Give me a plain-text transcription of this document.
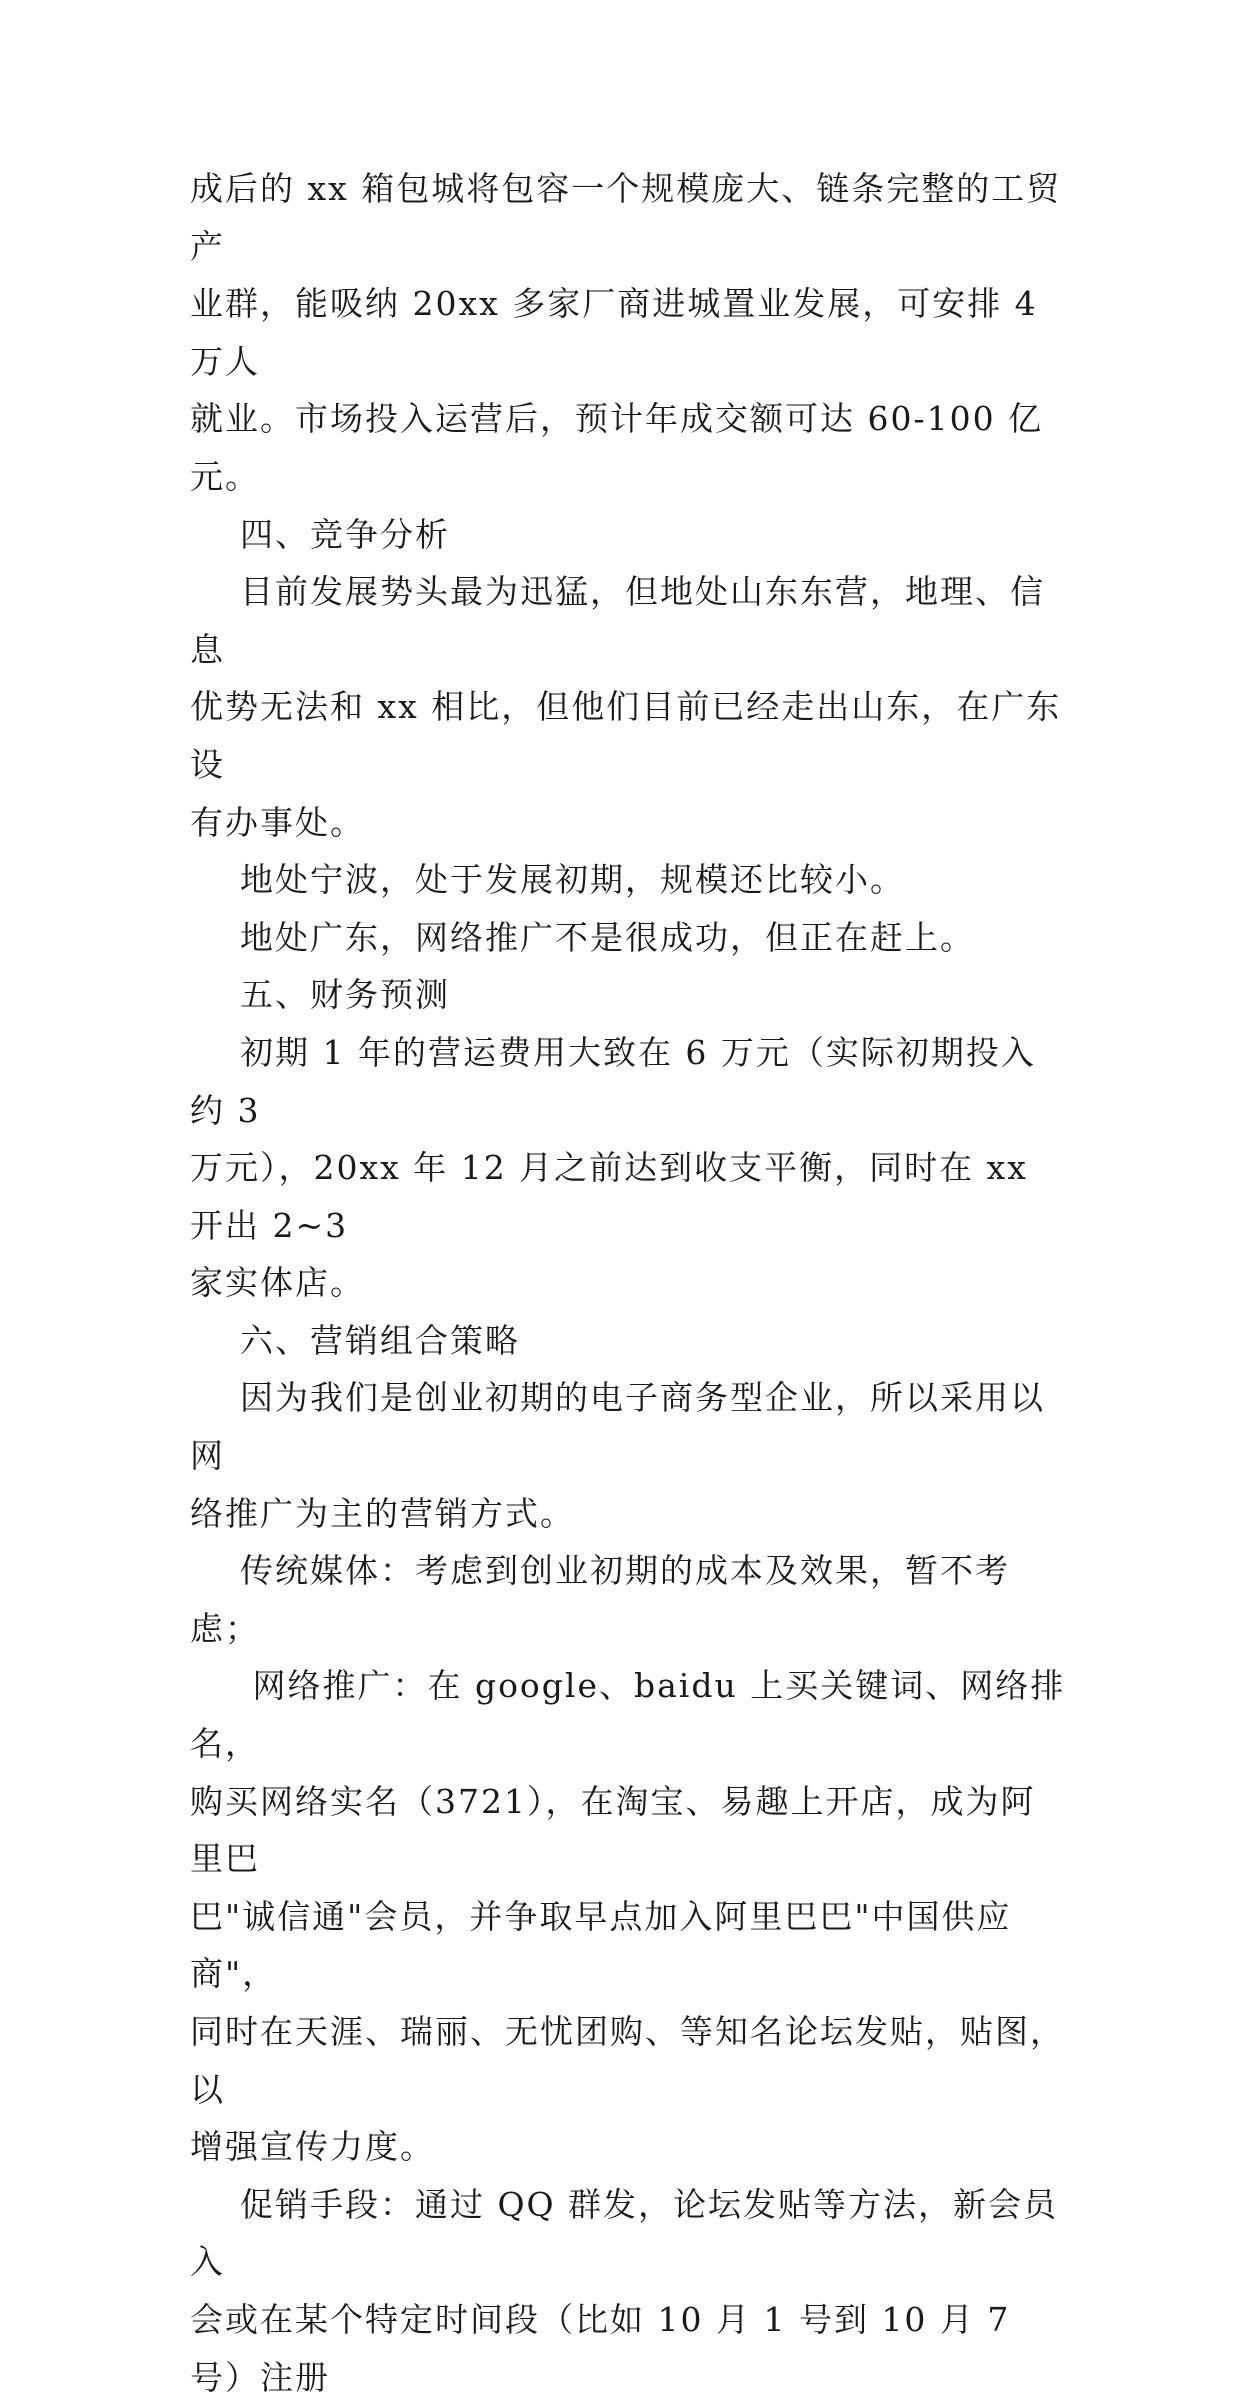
成后的 xx 箱包城将包容一个规模庞大、链条完整的工贸产

业群，能吸纳 20xx 多家厂商进城置业发展，可安排 4 万人

就业。市场投入运营后，预计年成交额可达 60-100 亿元。

四、竞争分析

目前发展势头最为迅猛，但地处山东东营，地理、信息

优势无法和 xx 相比，但他们目前已经走出山东，在广东设

有办事处。

地处宁波，处于发展初期，规模还比较小。

地处广东，网络推广不是很成功，但正在赶上。

五、财务预测

初期 1 年的营运费用大致在 6 万元（实际初期投入约 3

万元），20xx 年 12 月之前达到收支平衡，同时在 xx 开出 2~3

家实体店。

六、营销组合策略

因为我们是创业初期的电子商务型企业，所以采用以网

络推广为主的营销方式。

传统媒体：考虑到创业初期的成本及效果，暂不考虑；

网络推广：在 google、baidu 上买关键词、网络排名，

购买网络实名（3721），在淘宝、易趣上开店，成为阿里巴

巴"诚信通"会员，并争取早点加入阿里巴巴"中国供应商"，

同时在天涯、瑞丽、无忧团购、等知名论坛发贴，贴图，以

增强宣传力度。

促销手段：通过 QQ 群发，论坛发贴等方法，新会员入

会或在某个特定时间段（比如 10 月 1 号到 10 月 7 号）注册
